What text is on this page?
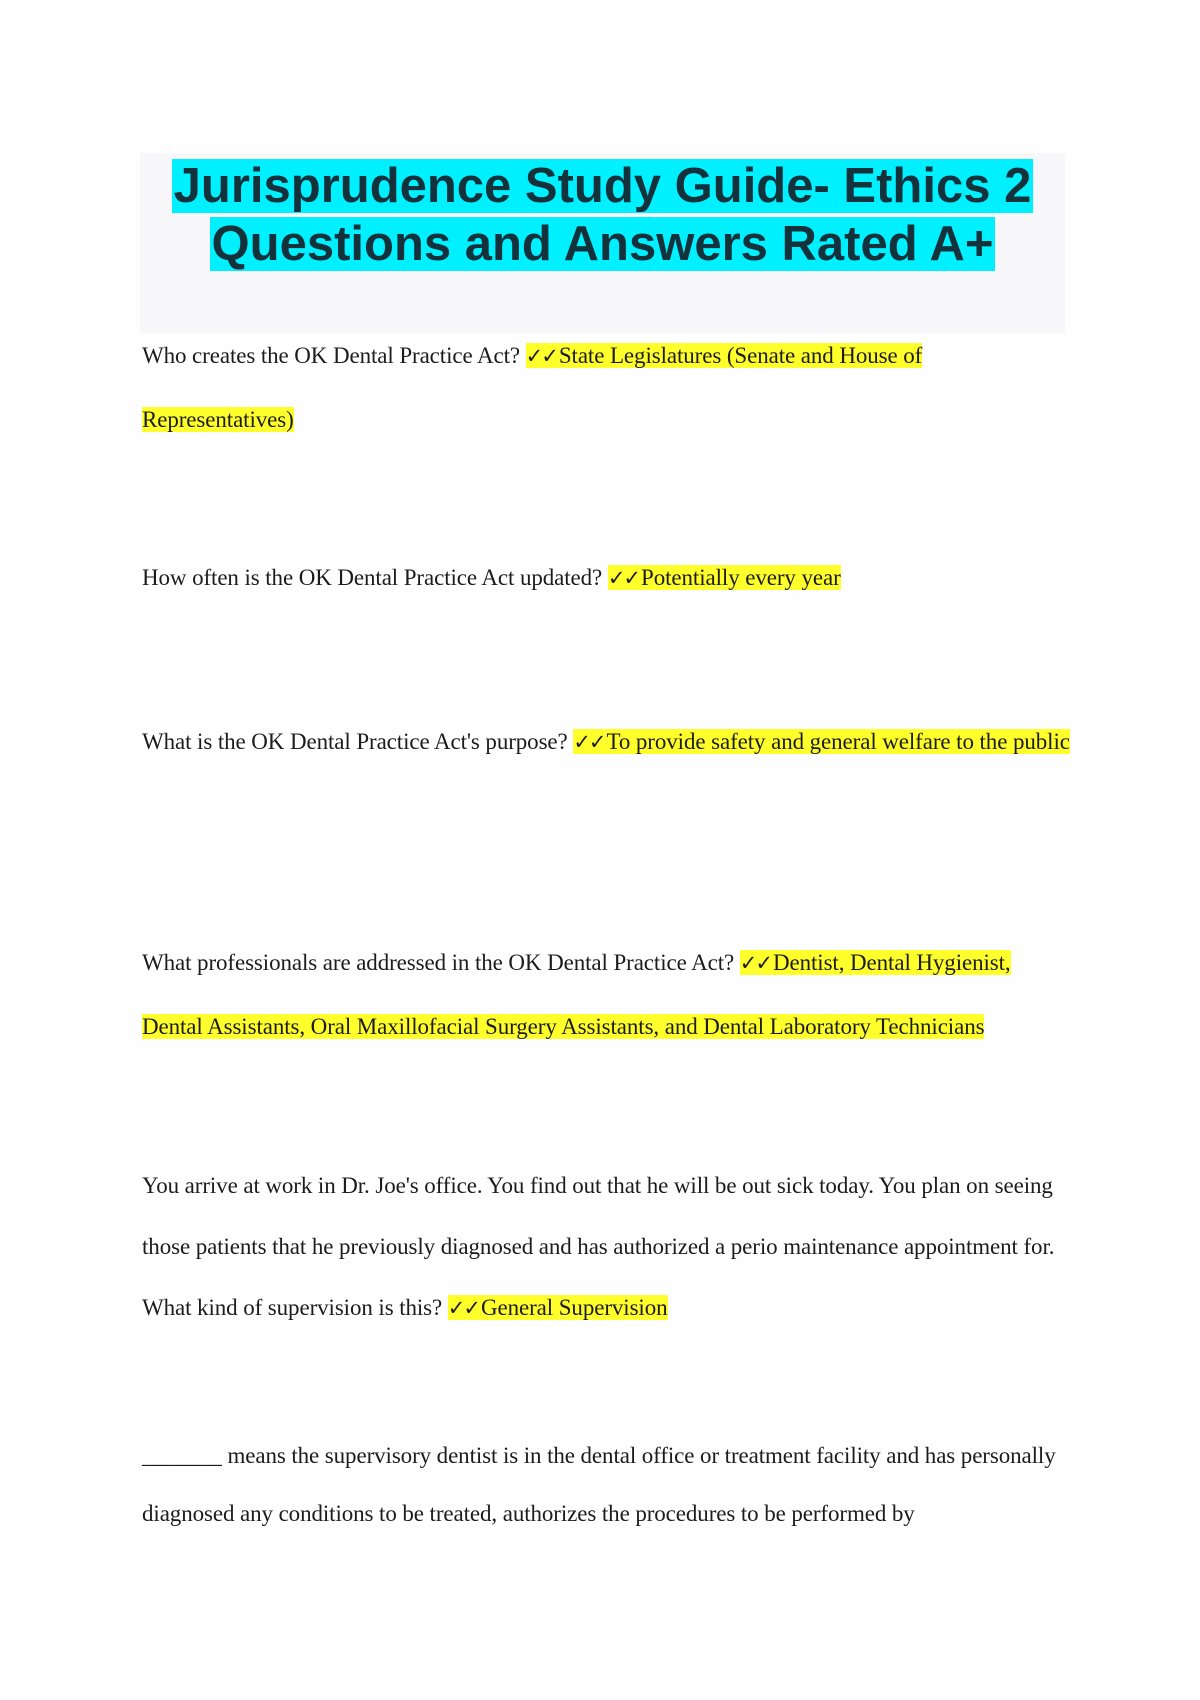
Jurisprudence Study Guide- Ethics 2
Questions and Answers Rated A+

Who creates the OK Dental Practice Act? ✓✓State Legislatures (Senate and House of Representatives)

How often is the OK Dental Practice Act updated? ✓✓Potentially every year

What is the OK Dental Practice Act's purpose? ✓✓To provide safety and general welfare to the public

What professionals are addressed in the OK Dental Practice Act? ✓✓Dentist, Dental Hygienist, Dental Assistants, Oral Maxillofacial Surgery Assistants, and Dental Laboratory Technicians

You arrive at work in Dr. Joe's office. You find out that he will be out sick today. You plan on seeing those patients that he previously diagnosed and has authorized a perio maintenance appointment for. What kind of supervision is this? ✓✓General Supervision

_______ means the supervisory dentist is in the dental office or treatment facility and has personally diagnosed any conditions to be treated, authorizes the procedures to be performed by
